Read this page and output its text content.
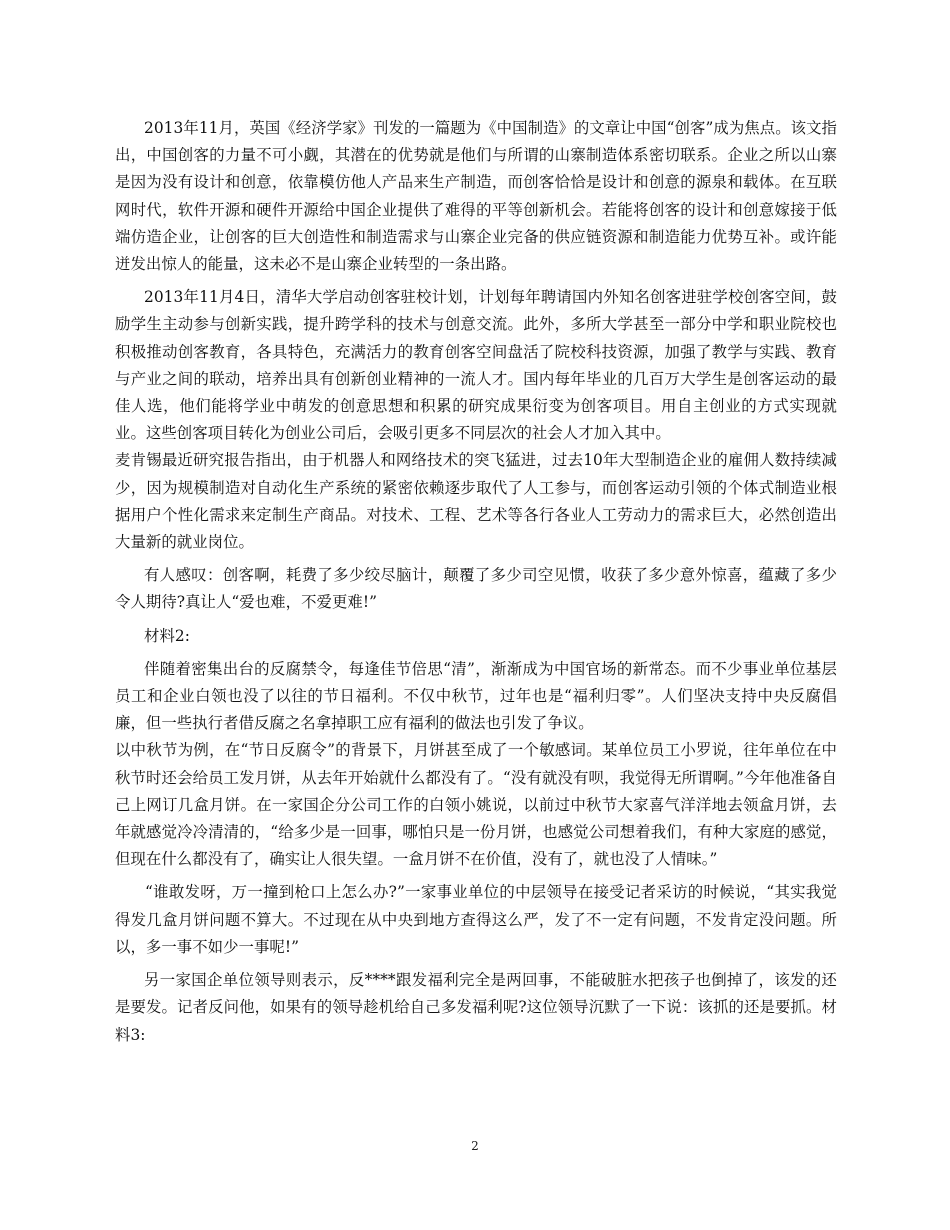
2013年11月，英国《经济学家》刊发的一篇题为《中国制造》的文章让中国“创客”成为焦点。该文指出，中国创客的力量不可小觑，其潜在的优势就是他们与所谓的山寨制造体系密切联系。企业之所以山寨是因为没有设计和创意，依靠模仿他人产品来生产制造，而创客恰恰是设计和创意的源泉和载体。在互联网时代，软件开源和硬件开源给中国企业提供了难得的平等创新机会。若能将创客的设计和创意嫁接于低端仿造企业，让创客的巨大创造性和制造需求与山寨企业完备的供应链资源和制造能力优势互补。或许能迸发出惊人的能量，这未必不是山寨企业转型的一条出路。

2013年11月4日，清华大学启动创客驻校计划，计划每年聘请国内外知名创客进驻学校创客空间，鼓励学生主动参与创新实践，提升跨学科的技术与创意交流。此外，多所大学甚至一部分中学和职业院校也积极推动创客教育，各具特色，充满活力的教育创客空间盘活了院校科技资源，加强了教学与实践、教育与产业之间的联动，培养出具有创新创业精神的一流人才。国内每年毕业的几百万大学生是创客运动的最佳人选，他们能将学业中萌发的创意思想和积累的研究成果衍变为创客项目。用自主创业的方式实现就业。这些创客项目转化为创业公司后，会吸引更多不同层次的社会人才加入其中。

麦肯锡最近研究报告指出，由于机器人和网络技术的突飞猛进，过去10年大型制造企业的雇佣人数持续减少，因为规模制造对自动化生产系统的紧密依赖逐步取代了人工参与，而创客运动引领的个体式制造业根据用户个性化需求来定制生产商品。对技术、工程、艺术等各行各业人工劳动力的需求巨大，必然创造出大量新的就业岗位。

有人感叹：创客啊，耗费了多少绞尽脑计，颠覆了多少司空见惯，收获了多少意外惊喜，蕴藏了多少令人期待?真让人“爱也难，不爱更难!”

材料2:

伴随着密集出台的反腐禁令，每逢佳节倍思“清”，渐渐成为中国官场的新常态。而不少事业单位基层员工和企业白领也没了以往的节日福利。不仅中秋节，过年也是“福利归零”。人们坚决支持中央反腐倡廉，但一些执行者借反腐之名拿掉职工应有福利的做法也引发了争议。

以中秋节为例，在“节日反腐令”的背景下，月饼甚至成了一个敏感词。某单位员工小罗说，往年单位在中秋节时还会给员工发月饼，从去年开始就什么都没有了。“没有就没有呗，我觉得无所谓啊。”今年他准备自己上网订几盒月饼。在一家国企分公司工作的白领小姚说，以前过中秋节大家喜气洋洋地去领盒月饼，去年就感觉冷冷清清的，“给多少是一回事，哪怕只是一份月饼，也感觉公司想着我们，有种大家庭的感觉，但现在什么都没有了，确实让人很失望。一盒月饼不在价值，没有了，就也没了人情味。”

“谁敢发呀，万一撞到枪口上怎么办?”一家事业单位的中层领导在接受记者采访的时候说，“其实我觉得发几盒月饼问题不算大。不过现在从中央到地方查得这么严，发了不一定有问题，不发肯定没问题。所以，多一事不如少一事呢!”

另一家国企单位领导则表示，反****跟发福利完全是两回事，不能破脏水把孩子也倒掉了，该发的还是要发。记者反问他，如果有的领导趁机给自己多发福利呢?这位领导沉默了一下说：该抓的还是要抓。材料3:

2
